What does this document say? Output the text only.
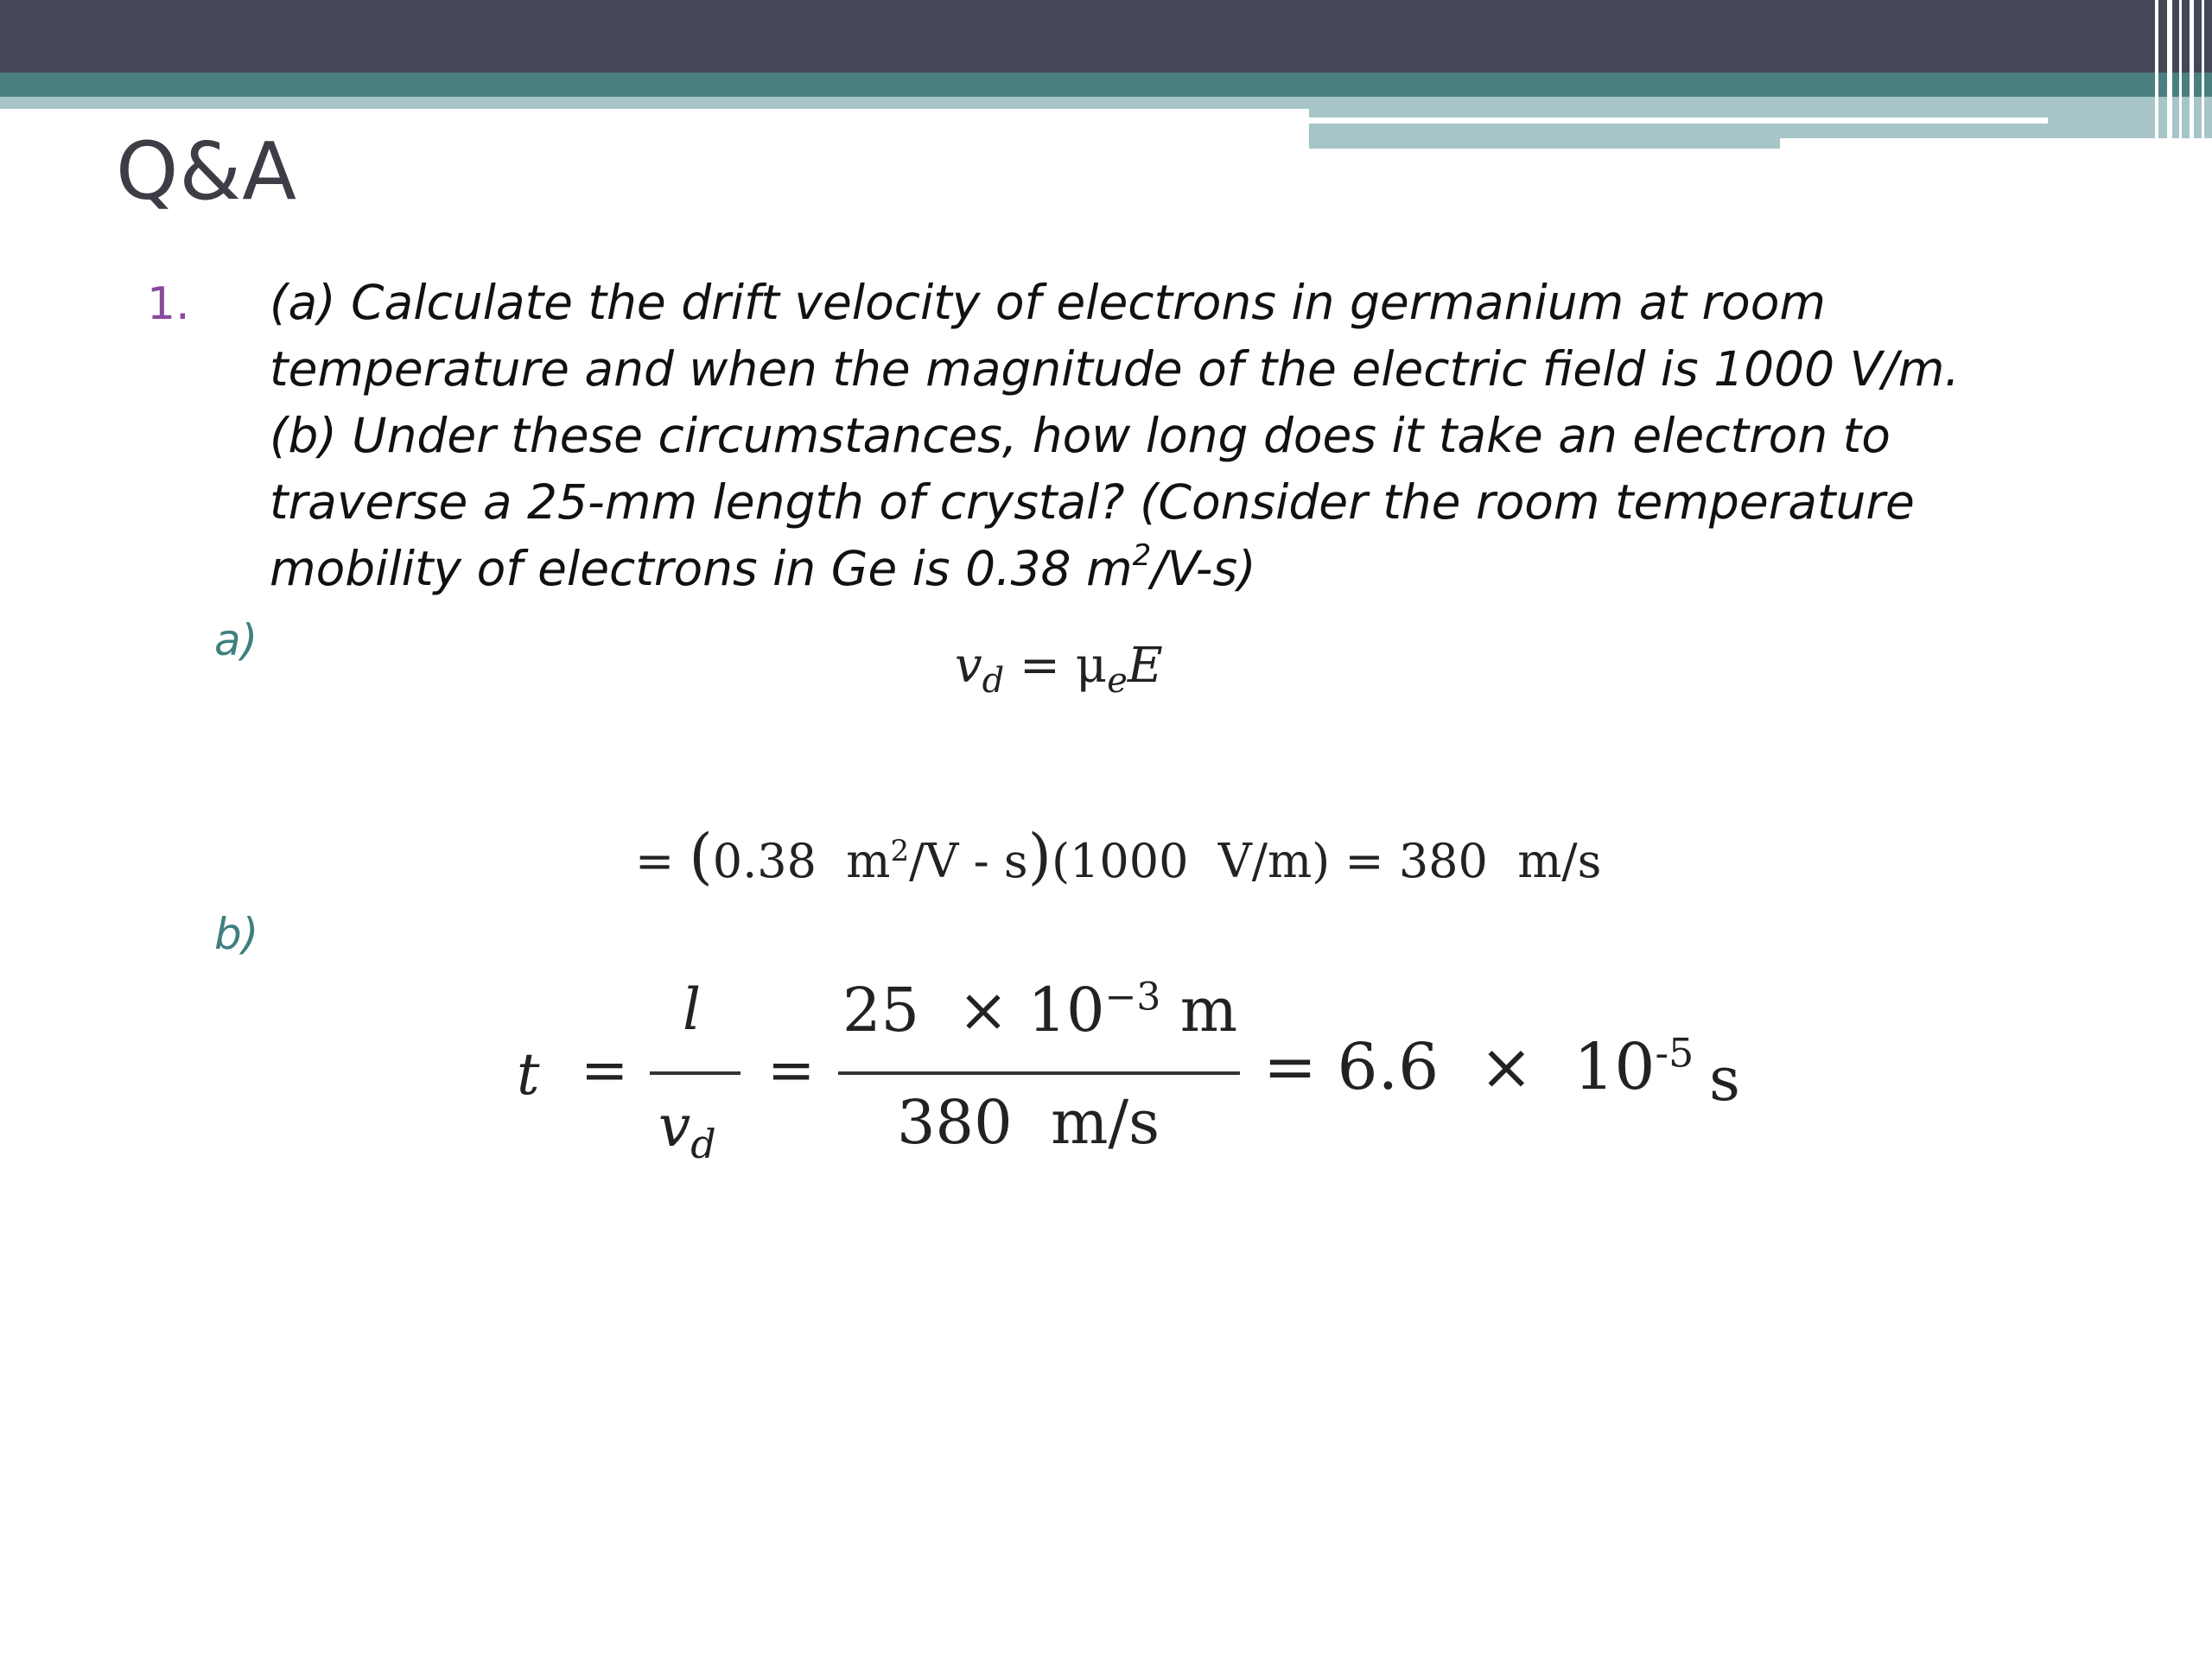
Q&A
1. (a) Calculate the drift velocity of electrons in germanium at room
temperature and when the magnitude of the electric field is 1000 V/m.
(b) Under these circumstances, how long does it take an electron to
traverse a 25-mm length of crystal? (Consider the room temperature
mobility of electrons in Ge is 0.38 $m^2/V-s$)
a)	$v_d = \mu_eE$
= (0.38  $m^2/V - s)(1000$  V/m) = 380  m/s
b)
t =
l
$v_d$
=
$25 \times 10^{-3}$ m
380  m/s
= $6.6 \times 10^{-5}$ s
